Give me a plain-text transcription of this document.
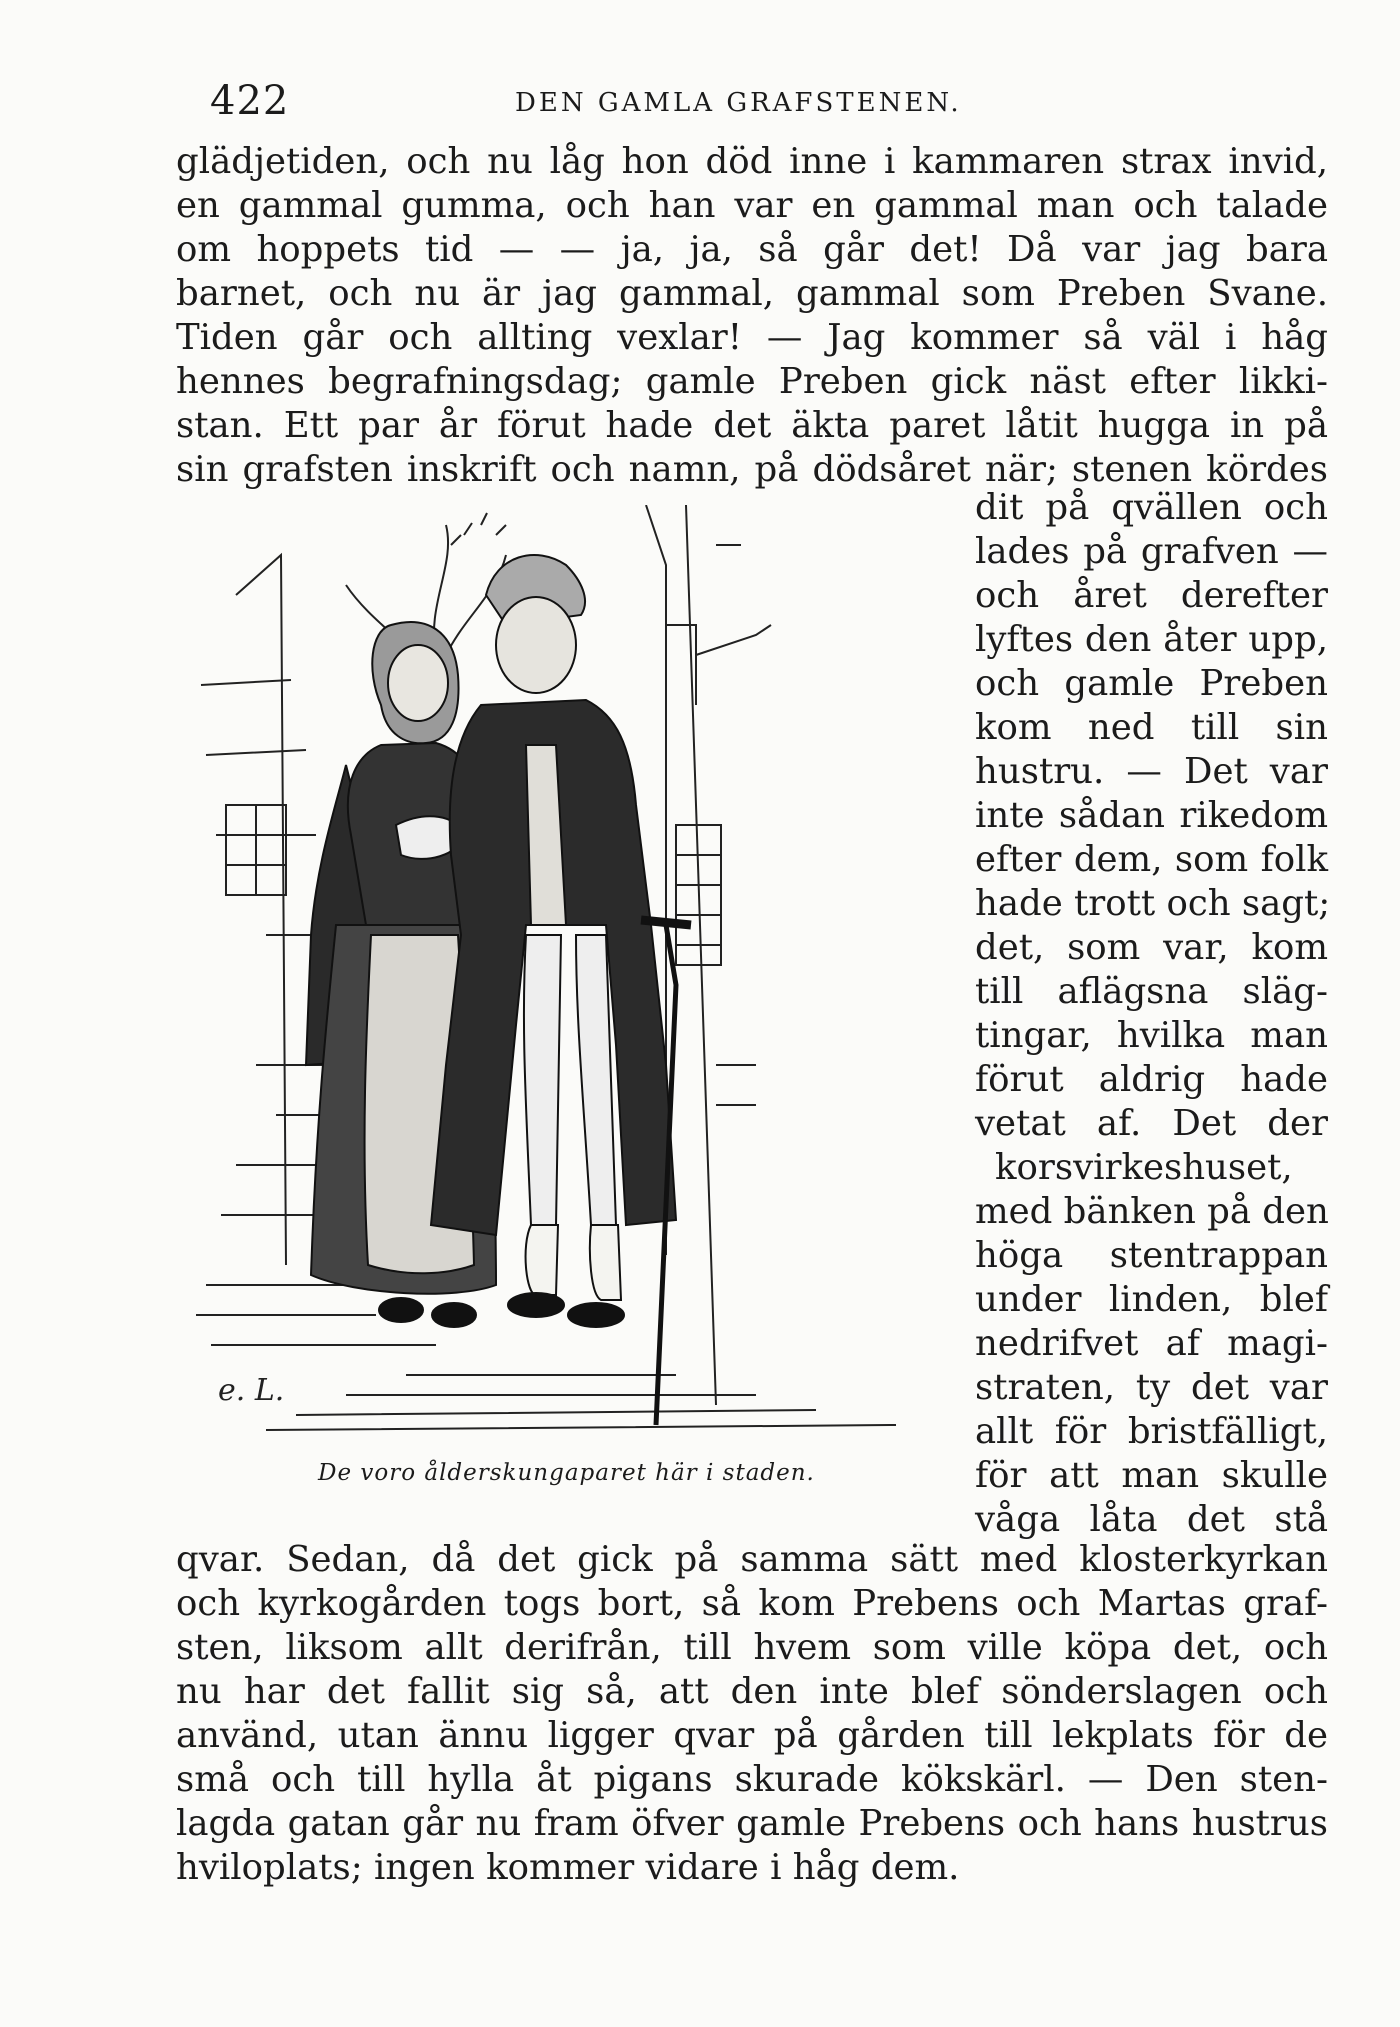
422	DEN GAMLA GRAFSTENEN.
glädjetiden, och nu låg hon död inne i kammaren strax invid,
en gammal gumma, och han var en gammal man och talade
om hoppets tid — — ja, ja, så går det! Då var jag bara
barnet, och nu är jag gammal, gammal som Preben Svane.
Tiden går och allting vexlar! — Jag kommer så väl i håg
hennes begrafningsdag; gamle Preben gick näst efter likki-
stan. Ett par år förut hade det äkta paret låtit hugga in på
sin grafsten inskrift och namn, på dödsåret när; stenen kördes
dit på qvällen och
lades på grafven —
och året derefter
lyftes den åter upp,
och gamle Preben
kom ned till sin
hustru. — Det var
inte sådan rikedom
efter dem, som folk
hade trott och sagt;
det, som var, kom
till aflägsna släg-
tingar, hvilka man
förut aldrig hade
vetat af. Det der
korsvirkeshuset,
med bänken på den
höga stentrappan
under linden, blef
nedrifvet af magi-
straten, ty det var
allt för bristfälligt,
för att man skulle
våga låta det stå
e. L.
De voro ålderskungaparet här i staden.
qvar. Sedan, då det gick på samma sätt med klosterkyrkan
och kyrkogården togs bort, så kom Prebens och Martas graf-
sten, liksom allt derifrån, till hvem som ville köpa det, och
nu har det fallit sig så, att den inte blef sönderslagen och
använd, utan ännu ligger qvar på gården till lekplats för de
små och till hylla åt pigans skurade kökskärl. — Den sten-
lagda gatan går nu fram öfver gamle Prebens och hans hustrus
hviloplats; ingen kommer vidare i håg dem.
